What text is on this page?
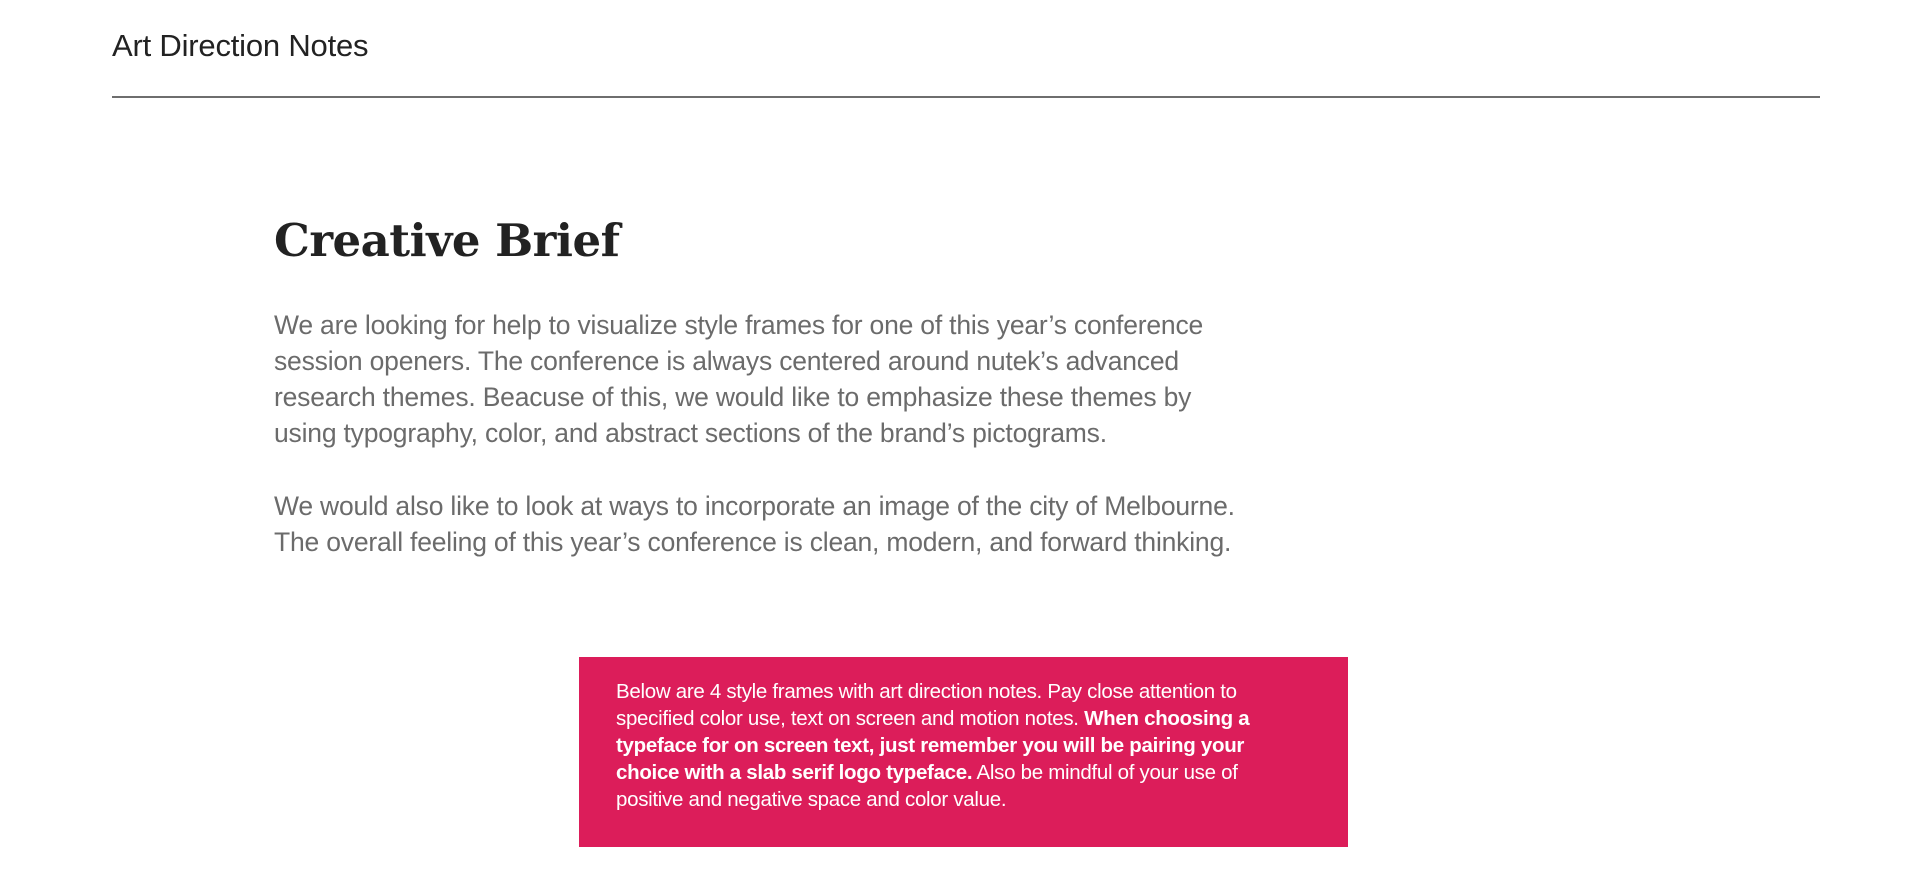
Art Direction Notes
Creative Brief

We are looking for help to visualize style frames for one of this year’s conference
session openers. The conference is always centered around nutek’s advanced
research themes. Beacuse of this, we would like to emphasize these themes by
using typography, color, and abstract sections of the brand’s pictograms.

We would also like to look at ways to incorporate an image of the city of Melbourne.
The overall feeling of this year’s conference is clean, modern, and forward thinking.

Below are 4 style frames with art direction notes. Pay close attention to
specified color use, text on screen and motion notes. When choosing a
typeface for on screen text, just remember you will be pairing your
choice with a slab serif logo typeface. Also be mindful of your use of
positive and negative space and color value.
